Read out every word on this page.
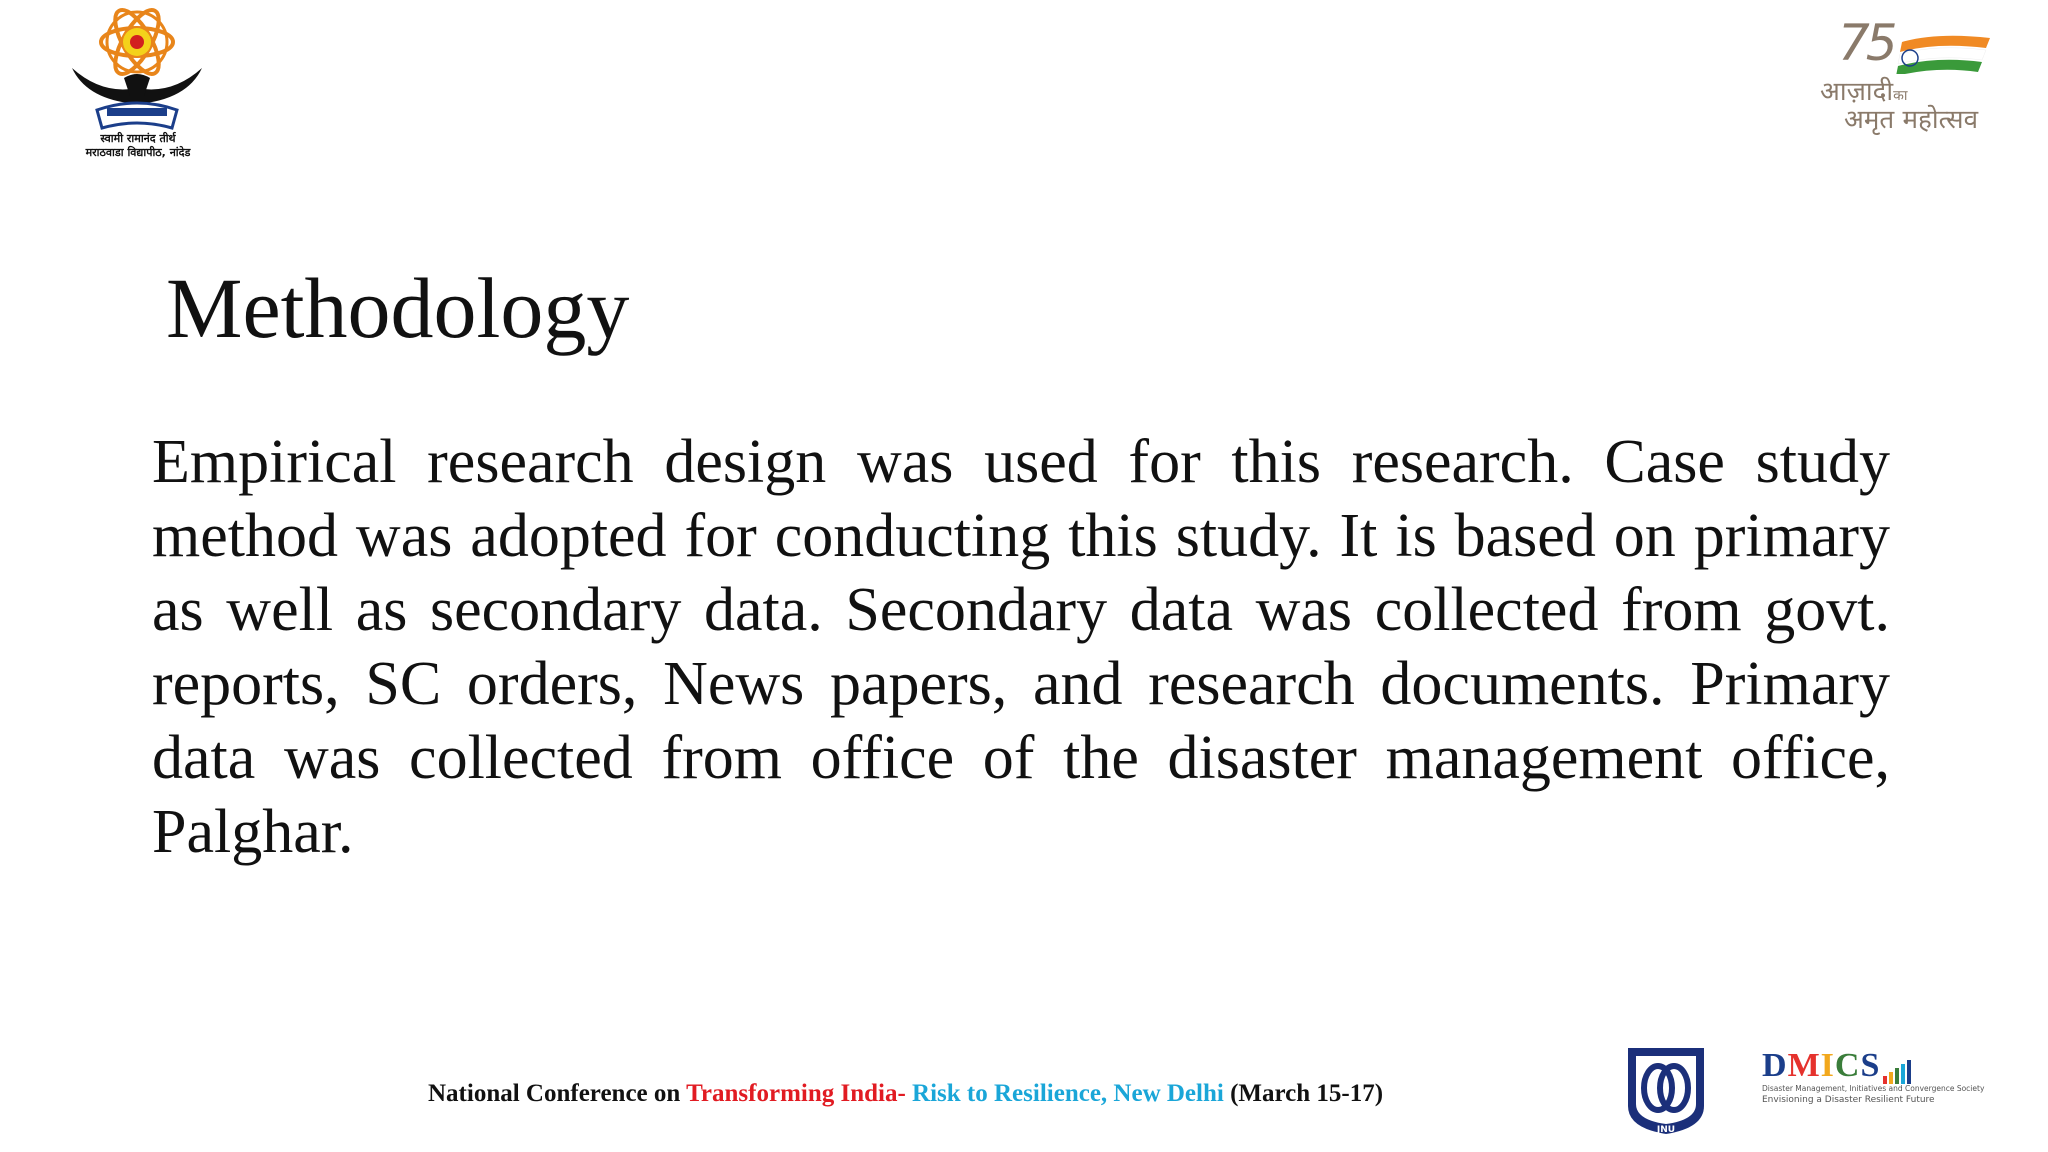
स्वामी रामानंद तीर्थ
मराठवाडा विद्यापीठ, नांदेड
75
आज़ादीका
अमृत महोत्सव
Methodology

Empirical research design was used for this research. Case study method was adopted for conducting this study. It is based on primary as well as secondary data. Secondary data was collected from govt. reports, SC orders, News papers, and research documents. Primary data was collected from office of the disaster management office, Palghar.

National Conference on Transforming India- Risk to Resilience, New Delhi (March 15-17)
JNU
DMICS
Disaster Management, Initiatives and Convergence Society
Envisioning a Disaster Resilient Future
